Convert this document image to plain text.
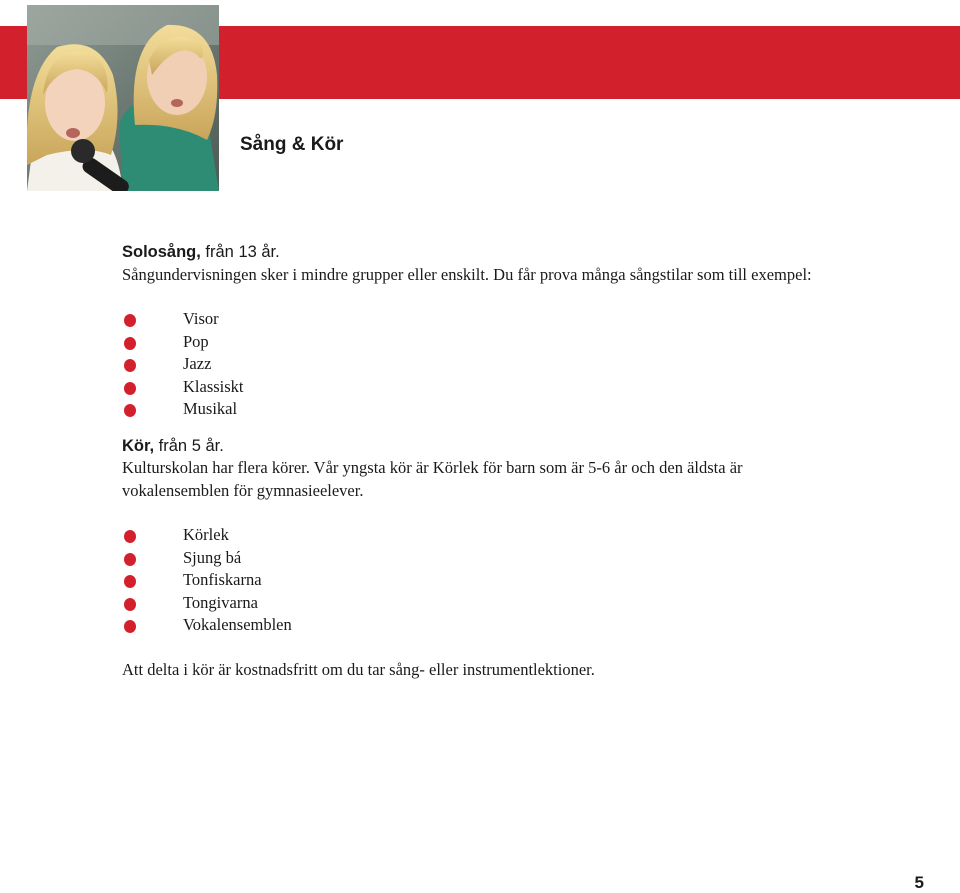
Sång & Kör
Solosång, från 13 år.

Sångundervisningen sker i mindre grupper eller enskilt. Du får prova många sångstilar som till exempel:

Visor
Pop
Jazz
Klassiskt
Musikal
Kör, från 5 år.

Kulturskolan har flera körer. Vår yngsta kör är Körlek för barn som är 5-6 år och den äldsta är vokalensemblen för gymnasieelever.

Körlek
Sjung bá
Tonfiskarna
Tongivarna
Vokalensemblen

Att delta i kör är kostnadsfritt om du tar sång- eller instrumentlektioner.

5
